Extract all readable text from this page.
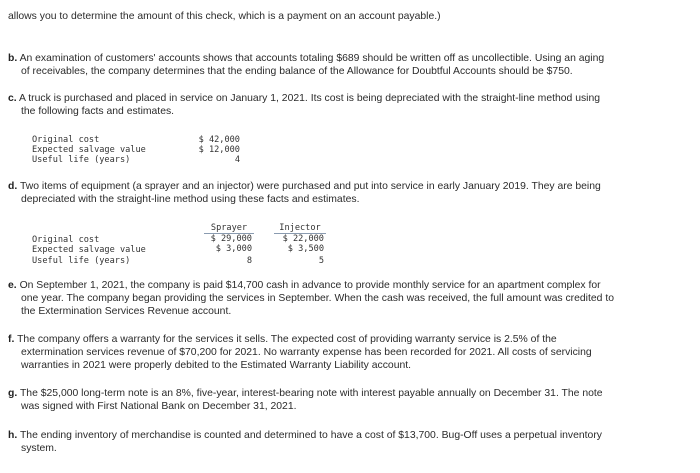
allows you to determine the amount of this check, which is a payment on an account payable.)
b. An examination of customers' accounts shows that accounts totaling $689 should be written off as uncollectible. Using an aging
of receivables, the company determines that the ending balance of the Allowance for Doubtful Accounts should be $750.
c. A truck is purchased and placed in service on January 1, 2021. Its cost is being depreciated with the straight-line method using
the following facts and estimates.
Original cost
Expected salvage value
Useful life (years)
$ 42,000
$ 12,000
4
d. Two items of equipment (a sprayer and an injector) were purchased and put into service in early January 2019. They are being
depreciated with the straight-line method using these facts and estimates.
Sprayer	Injector
Original cost
Expected salvage value
Useful life (years)
$ 29,000
$ 3,000
8
$ 22,000
$ 3,500
5
e. On September 1, 2021, the company is paid $14,700 cash in advance to provide monthly service for an apartment complex for
one year. The company began providing the services in September. When the cash was received, the full amount was credited to
the Extermination Services Revenue account.
f. The company offers a warranty for the services it sells. The expected cost of providing warranty service is 2.5% of the
extermination services revenue of $70,200 for 2021. No warranty expense has been recorded for 2021. All costs of servicing
warranties in 2021 were properly debited to the Estimated Warranty Liability account.
g. The $25,000 long-term note is an 8%, five-year, interest-bearing note with interest payable annually on December 31. The note
was signed with First National Bank on December 31, 2021.
h. The ending inventory of merchandise is counted and determined to have a cost of $13,700. Bug-Off uses a perpetual inventory
system.
